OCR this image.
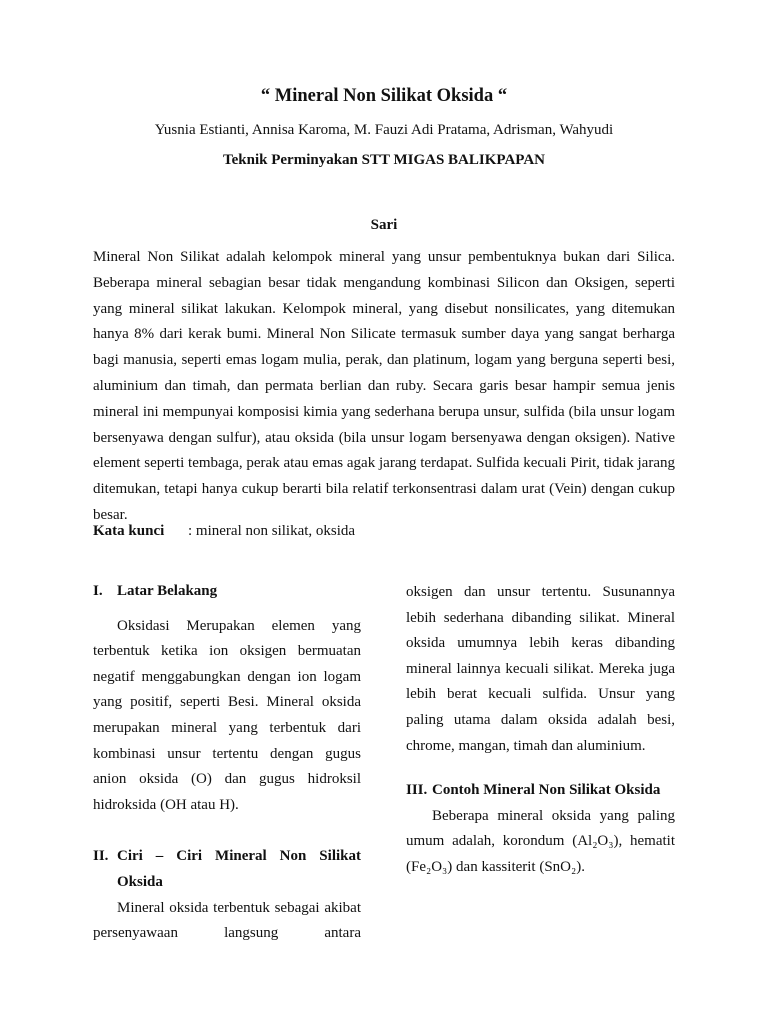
“ Mineral Non Silikat Oksida “
Yusnia Estianti, Annisa Karoma, M. Fauzi Adi Pratama, Adrisman, Wahyudi
Teknik Perminyakan STT MIGAS BALIKPAPAN
Sari

Mineral Non Silikat adalah kelompok mineral yang unsur pembentuknya bukan dari Silica. Beberapa mineral sebagian besar tidak mengandung kombinasi Silicon dan Oksigen, seperti yang mineral silikat lakukan. Kelompok mineral, yang disebut nonsilicates, yang ditemukan hanya 8% dari kerak bumi. Mineral Non Silicate termasuk sumber daya yang sangat berharga bagi manusia, seperti emas logam mulia, perak, dan platinum, logam yang berguna seperti besi, aluminium dan timah, dan permata berlian dan ruby. Secara garis besar hampir semua jenis mineral ini mempunyai komposisi kimia yang sederhana berupa unsur, sulfida (bila unsur logam bersenyawa dengan sulfur), atau oksida (bila unsur logam bersenyawa dengan oksigen). Native element seperti tembaga, perak atau emas agak jarang terdapat. Sulfida kecuali Pirit, tidak jarang ditemukan, tetapi hanya cukup berarti bila relatif terkonsentrasi dalam urat (Vein) dengan cukup besar.

Kata kunci : mineral non silikat, oksida

I. Latar Belakang

Oksidasi Merupakan elemen yang terbentuk ketika ion oksigen bermuatan negatif menggabungkan dengan ion logam yang positif, seperti Besi. Mineral oksida merupakan mineral yang terbentuk dari kombinasi unsur tertentu dengan gugus anion oksida (O) dan gugus hidroksil hidroksida (OH atau H).

II. Ciri – Ciri Mineral Non Silikat

Oksida

Mineral oksida terbentuk sebagai akibat persenyawaan langsung antara

oksigen dan unsur tertentu. Susunannya lebih sederhana dibanding silikat. Mineral oksida umumnya lebih keras dibanding mineral lainnya kecuali silikat. Mereka juga lebih berat kecuali sulfida. Unsur yang paling utama dalam oksida adalah besi, chrome, mangan, timah dan aluminium.

III. Contoh Mineral Non Silikat Oksida

Beberapa mineral oksida yang paling umum adalah, korondum (Al₂O₃), hematit (Fe₂O₃) dan kassiterit (SnO₂).
